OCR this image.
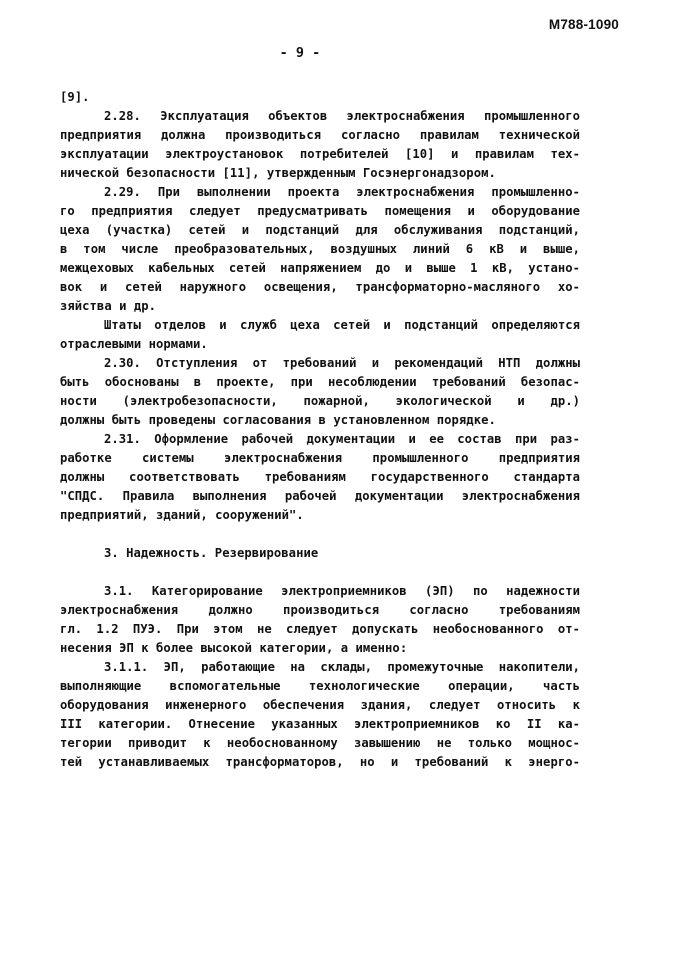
M788-1090
- 9 -
[9].
2.28. Эксплуатация объектов электроснабжения промышленного
предприятия должна производиться согласно правилам технической
эксплуатации электроустановок потребителей [10] и правилам тех-
нической безопасности [11], утвержденным Госэнергонадзором.
2.29. При выполнении проекта электроснабжения промышленно-
го предприятия следует предусматривать помещения и оборудование
цеха (участка) сетей и подстанций для обслуживания подстанций,
в том числе преобразовательных, воздушных линий 6 кВ и выше,
межцеховых кабельных сетей напряжением до и выше 1 кВ, устано-
вок и сетей наружного освещения, трансформаторно-масляного хо-
зяйства и др.
Штаты отделов и служб цеха сетей и подстанций определяются
отраслевыми нормами.
2.30. Отступления от требований и рекомендаций НТП должны
быть обоснованы в проекте, при несоблюдении требований безопас-
ности (электробезопасности, пожарной, экологической и др.)
должны быть проведены согласования в установленном порядке.
2.31. Оформление рабочей документации и ее состав при раз-
работке системы электроснабжения промышленного предприятия
должны соответствовать требованиям государственного стандарта
"СПДС. Правила выполнения рабочей документации электроснабжения
предприятий, зданий, сооружений".
3. Надежность. Резервирование
3.1. Категорирование электроприемников (ЭП) по надежности
электроснабжения должно производиться согласно требованиям
гл. 1.2 ПУЭ. При этом не следует допускать необоснованного от-
несения ЭП к более высокой категории, а именно:
3.1.1. ЭП, работающие на склады, промежуточные накопители,
выполняющие вспомогательные технологические операции, часть
оборудования инженерного обеспечения здания, следует относить к
III категории. Отнесение указанных электроприемников ко II ка-
тегории приводит к необоснованному завышению не только мощнос-
тей устанавливаемых трансформаторов, но и требований к энерго-
